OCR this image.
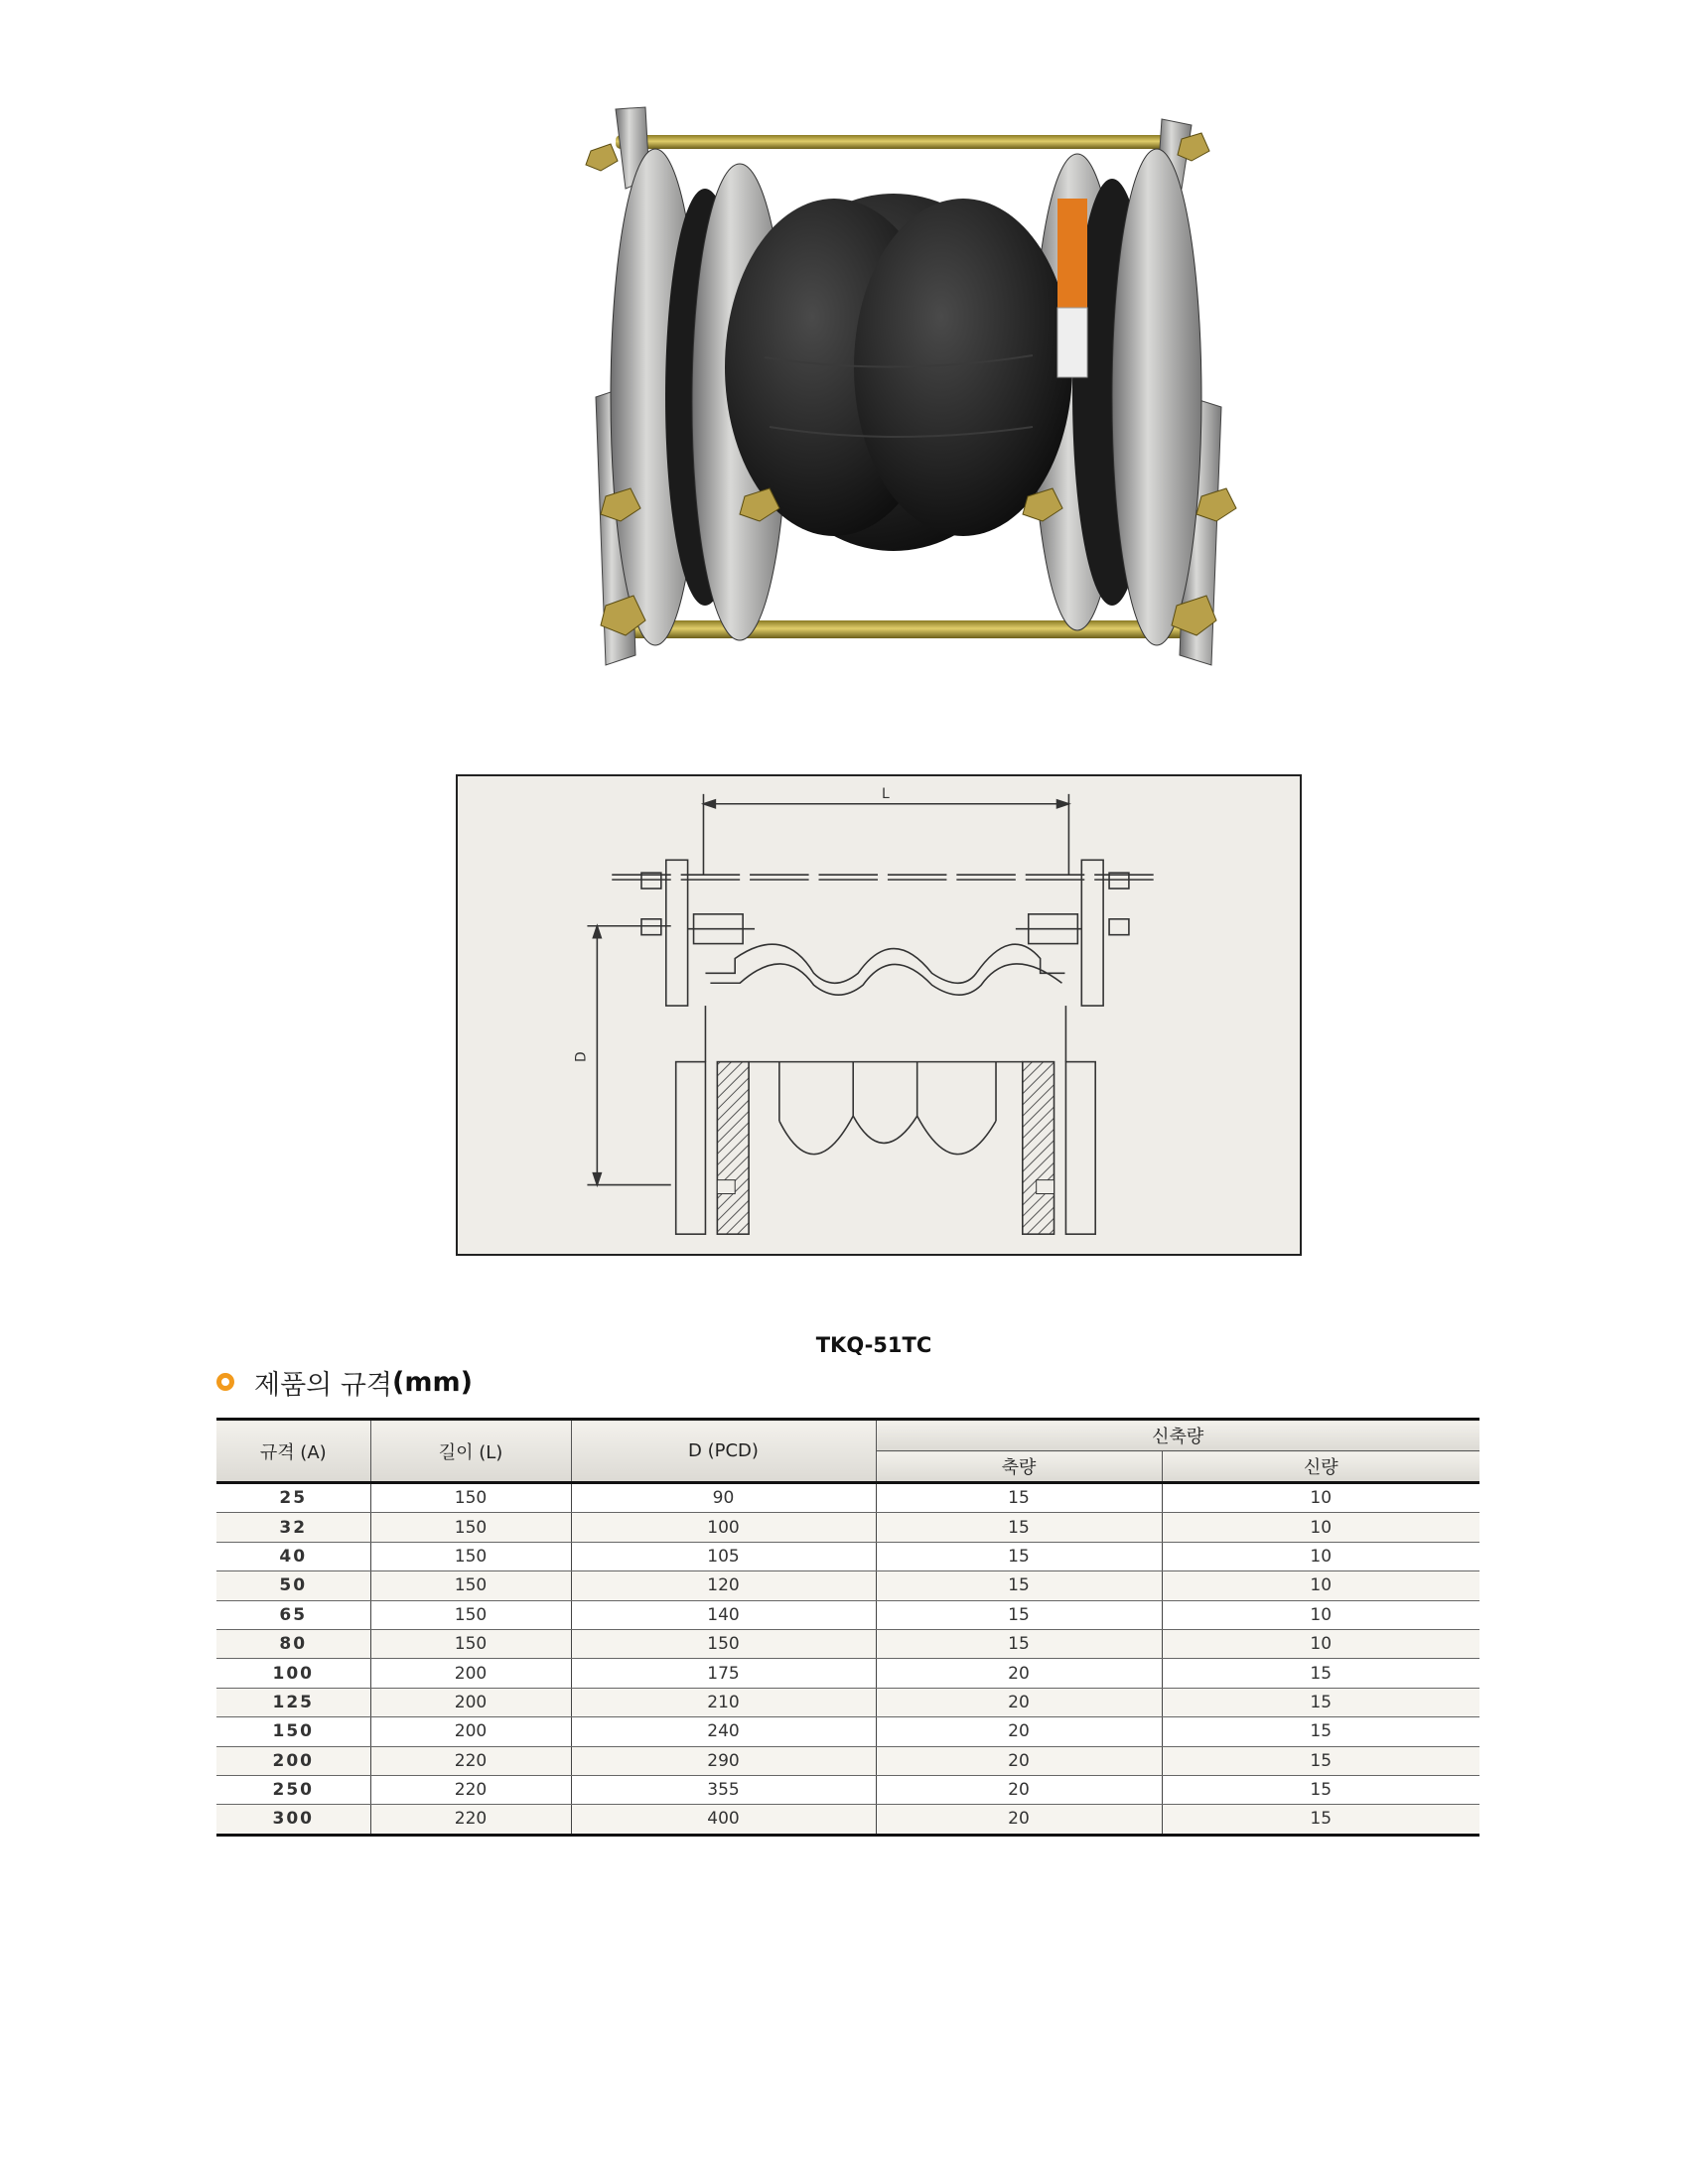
L
D
TKQ-51TC
제품의 규격 (mm)
규격 (A)	길이 (L)	D (PCD)	신축량	
			축량	신량
25	150	90	15	10
32	150	100	15	10
40	150	105	15	10
50	150	120	15	10
65	150	140	15	10
80	150	150	15	10
100	200	175	20	15
125	200	210	20	15
150	200	240	20	15
200	220	290	20	15
250	220	355	20	15
300	220	400	20	15
